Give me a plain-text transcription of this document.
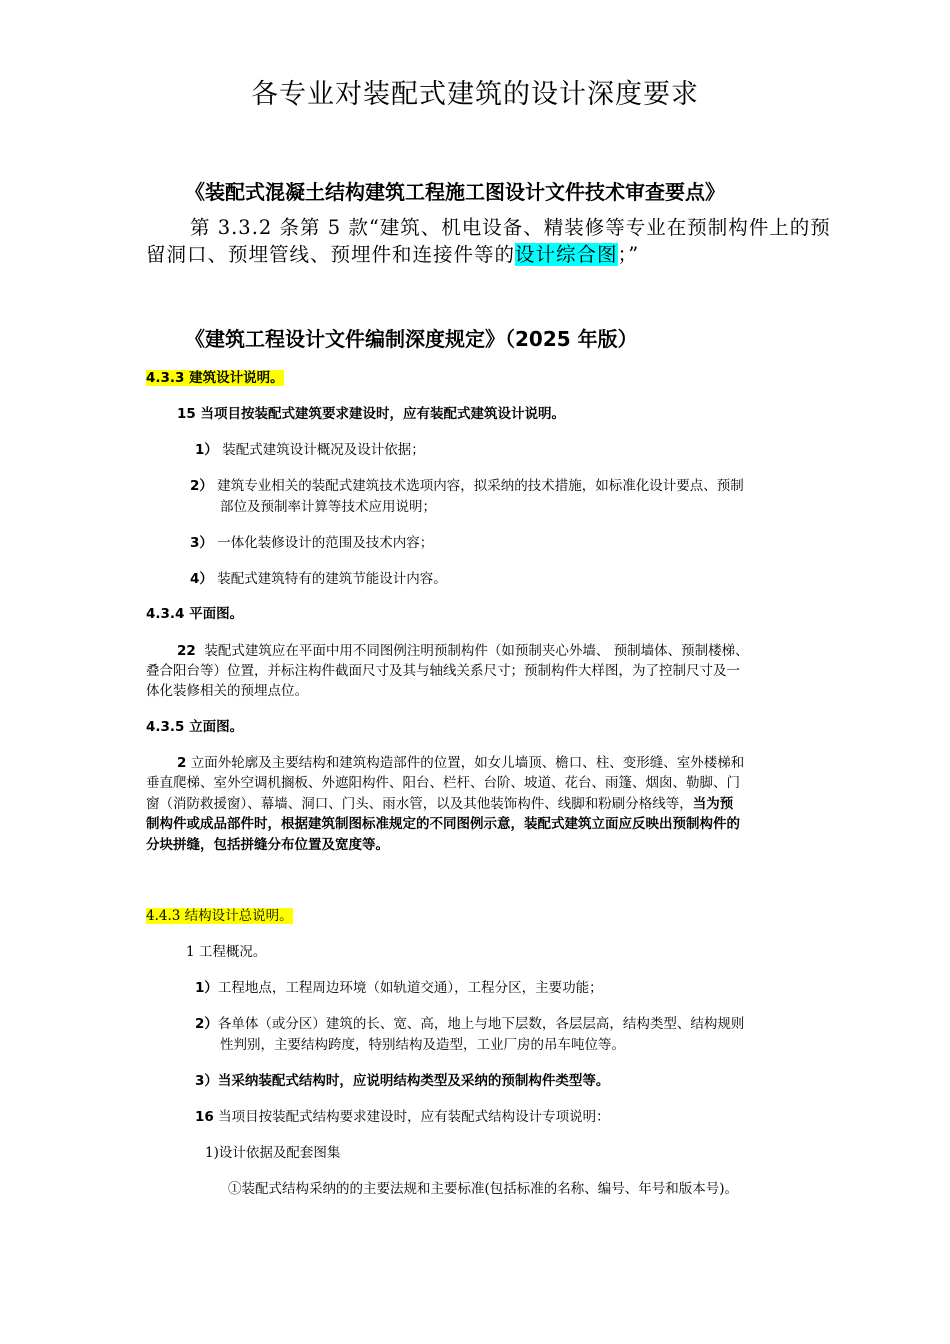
各专业对装配式建筑的设计深度要求
《装配式混凝土结构建筑工程施工图设计文件技术审查要点》
第 3.3.2 条第 5 款“建筑、机电设备、精装修等专业在预制构件上的预
留洞口、预埋管线、预埋件和连接件等的设计综合图；”
《建筑工程设计文件编制深度规定》（2025 年版）
4.3.3 建筑设计说明。
15 当项目按装配式建筑要求建设时，应有装配式建筑设计说明。
1） 装配式建筑设计概况及设计依据；
2） 建筑专业相关的装配式建筑技术选项内容，拟采纳的技术措施，如标准化设计要点、预制
部位及预制率计算等技术应用说明；
3） 一体化装修设计的范围及技术内容；
4） 装配式建筑特有的建筑节能设计内容。
4.3.4 平面图。
22 装配式建筑应在平面中用不同图例注明预制构件（如预制夹心外墙、 预制墙体、预制楼梯、
叠合阳台等）位置，并标注构件截面尺寸及其与轴线关系尺寸；预制构件大样图，为了控制尺寸及一
体化装修相关的预埋点位。
4.3.5 立面图。
2 立面外轮廓及主要结构和建筑构造部件的位置，如女儿墙顶、檐口、柱、变形缝、室外楼梯和
垂直爬梯、室外空调机搁板、外遮阳构件、阳台、栏杆、台阶、坡道、花台、雨篷、烟囱、勒脚、门
窗（消防救援窗）、幕墙、洞口、门头、雨水管，以及其他装饰构件、线脚和粉刷分格线等，当为预
制构件或成品部件时，根据建筑制图标准规定的不同图例示意，装配式建筑立面应反映出预制构件的
分块拼缝，包括拼缝分布位置及宽度等。
4.4.3 结构设计总说明。
1 工程概况。
1）工程地点，工程周边环境（如轨道交通），工程分区，主要功能；
2）各单体（或分区）建筑的长、宽、高，地上与地下层数，各层层高，结构类型、结构规则
性判别，主要结构跨度，特别结构及造型，工业厂房的吊车吨位等。
3）当采纳装配式结构时，应说明结构类型及采纳的预制构件类型等。
16 当项目按装配式结构要求建设时，应有装配式结构设计专项说明：
1)设计依据及配套图集
①装配式结构采纳的的主要法规和主要标准(包括标准的名称、编号、年号和版本号)。
